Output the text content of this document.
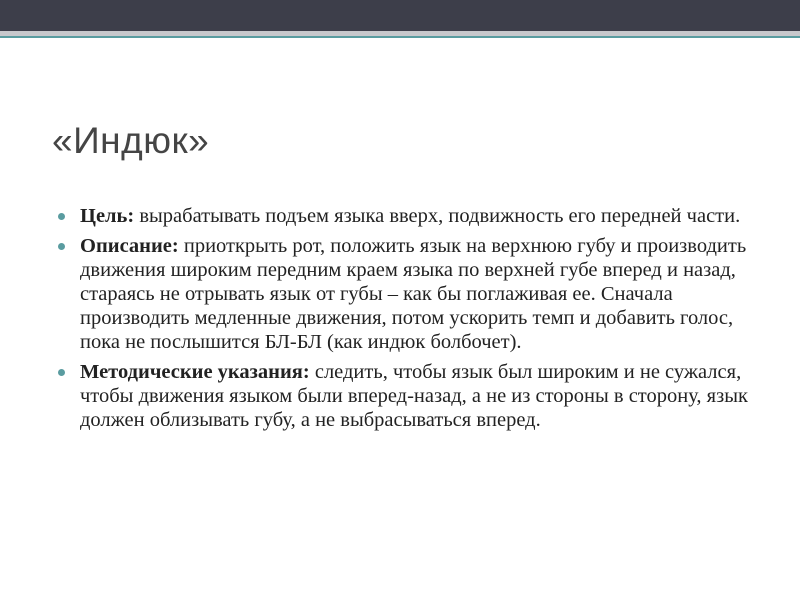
«Индюк»
Цель: вырабатывать подъем языка вверх, подвижность его передней части.
Описание: приоткрыть рот, положить язык на верхнюю губу и производить движения широким передним краем языка по верхней губе вперед и назад, стараясь не отрывать язык от губы – как бы поглаживая ее. Сначала производить медленные движения, потом ускорить темп и добавить голос, пока не послышится БЛ-БЛ (как индюк болбочет).
Методические указания: следить, чтобы язык был широким и не сужался, чтобы движения языком были вперед-назад, а не из стороны в сторону, язык должен облизывать губу, а не выбрасываться вперед.
